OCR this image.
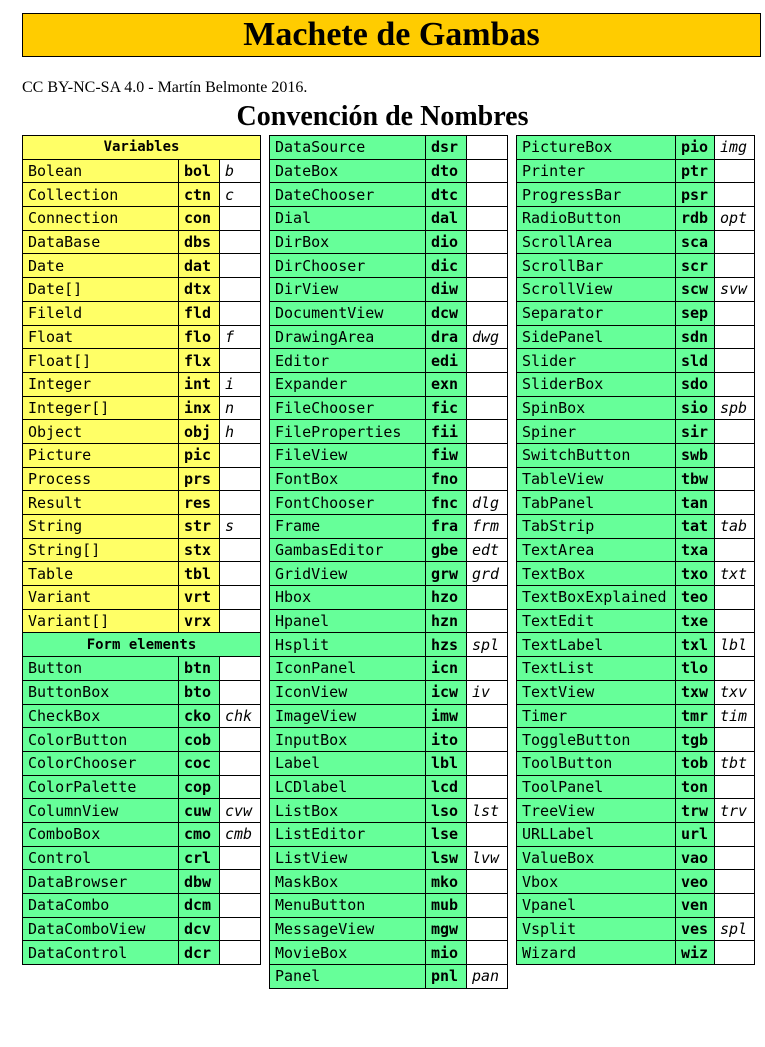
Machete de Gambas
CC BY-NC-SA 4.0 - Martín Belmonte 2016.
Convención de Nombres
Variables		
Bolean	bol	b
Collection	ctn	c
Connection	con	
DataBase	dbs	
Date	dat	
Date[]	dtx	
Fileld	fld	
Float	flo	f
Float[]	flx	
Integer	int	i
Integer[]	inx	n
Object	obj	h
Picture	pic	
Process	prs	
Result	res	
String	str	s
String[]	stx	
Table	tbl	
Variant	vrt	
Variant[]	vrx	
Form elements		
Button	btn	
ButtonBox	bto	
CheckBox	cko	chk
ColorButton	cob	
ColorChooser	coc	
ColorPalette	cop	
ColumnView	cuw	cvw
ComboBox	cmo	cmb
Control	crl	
DataBrowser	dbw	
DataCombo	dcm	
DataComboView	dcv	
DataControl	dcr	
DataSource	dsr	
DateBox	dto	
DateChooser	dtc	
Dial	dal	
DirBox	dio	
DirChooser	dic	
DirView	diw	
DocumentView	dcw	
DrawingArea	dra	dwg
Editor	edi	
Expander	exn	
FileChooser	fic	
FileProperties	fii	
FileView	fiw	
FontBox	fno	
FontChooser	fnc	dlg
Frame	fra	frm
GambasEditor	gbe	edt
GridView	grw	grd
Hbox	hzo	
Hpanel	hzn	
Hsplit	hzs	spl
IconPanel	icn	
IconView	icw	iv
ImageView	imw	
InputBox	ito	
Label	lbl	
LCDlabel	lcd	
ListBox	lso	lst
ListEditor	lse	
ListView	lsw	lvw
MaskBox	mko	
MenuButton	mub	
MessageView	mgw	
MovieBox	mio	
Panel	pnl	pan
PictureBox	pio	img
Printer	ptr	
ProgressBar	psr	
RadioButton	rdb	opt
ScrollArea	sca	
ScrollBar	scr	
ScrollView	scw	svw
Separator	sep	
SidePanel	sdn	
Slider	sld	
SliderBox	sdo	
SpinBox	sio	spb
Spiner	sir	
SwitchButton	swb	
TableView	tbw	
TabPanel	tan	
TabStrip	tat	tab
TextArea	txa	
TextBox	txo	txt
TextBoxExplained	teo	
TextEdit	txe	
TextLabel	txl	lbl
TextList	tlo	
TextView	txw	txv
Timer	tmr	tim
ToggleButton	tgb	
ToolButton	tob	tbt
ToolPanel	ton	
TreeView	trw	trv
URLLabel	url	
ValueBox	vao	
Vbox	veo	
Vpanel	ven	
Vsplit	ves	spl
Wizard	wiz	
